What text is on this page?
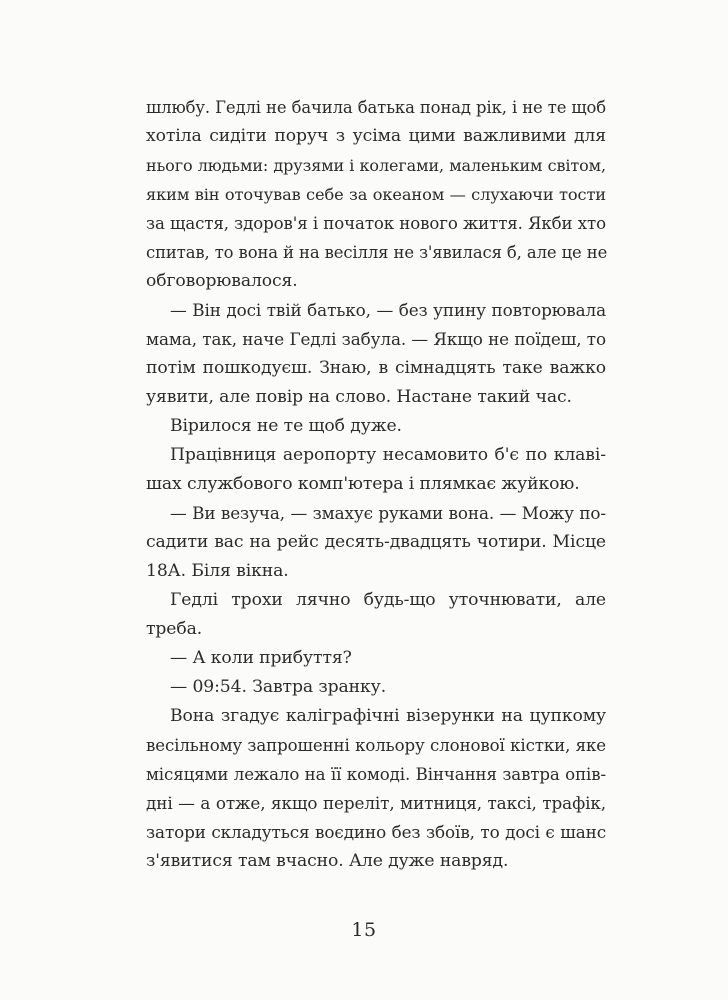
шлюбу. Гедлі не бачила батька понад рік, і не те щоб
хотіла сидіти поруч з усіма цими важливими для
нього людьми: друзями і колегами, маленьким світом,
яким він оточував себе за океаном — слухаючи тости
за щастя, здоров'я і початок нового життя. Якби хто
спитав, то вона й на весілля не з'явилася б, але це не
обговорювалося.

— Він досі твій батько, — без упину повторювала
мама, так, наче Гедлі забула. — Якщо не поїдеш, то
потім пошкодуєш. Знаю, в сімнадцять таке важко
уявити, але повір на слово. Настане такий час.

Вірилося не те щоб дуже.

Працівниця аеропорту несамовито б'є по клаві-
шах службового комп'ютера і плямкає жуйкою.

— Ви везуча, — змахує руками вона. — Можу по-
садити вас на рейс десять-двадцять чотири. Місце
18А. Біля вікна.

Гедлі трохи лячно будь-що уточнювати, але
треба.

— А коли прибуття?

— 09:54. Завтра зранку.

Вона згадує каліграфічні візерунки на цупкому
весільному запрошенні кольору слонової кістки, яке
місяцями лежало на її комоді. Вінчання завтра опів-
дні — а отже, якщо переліт, митниця, таксі, трафік,
затори складуться воєдино без збоїв, то досі є шанс
з'явитися там вчасно. Але дуже навряд.

15
